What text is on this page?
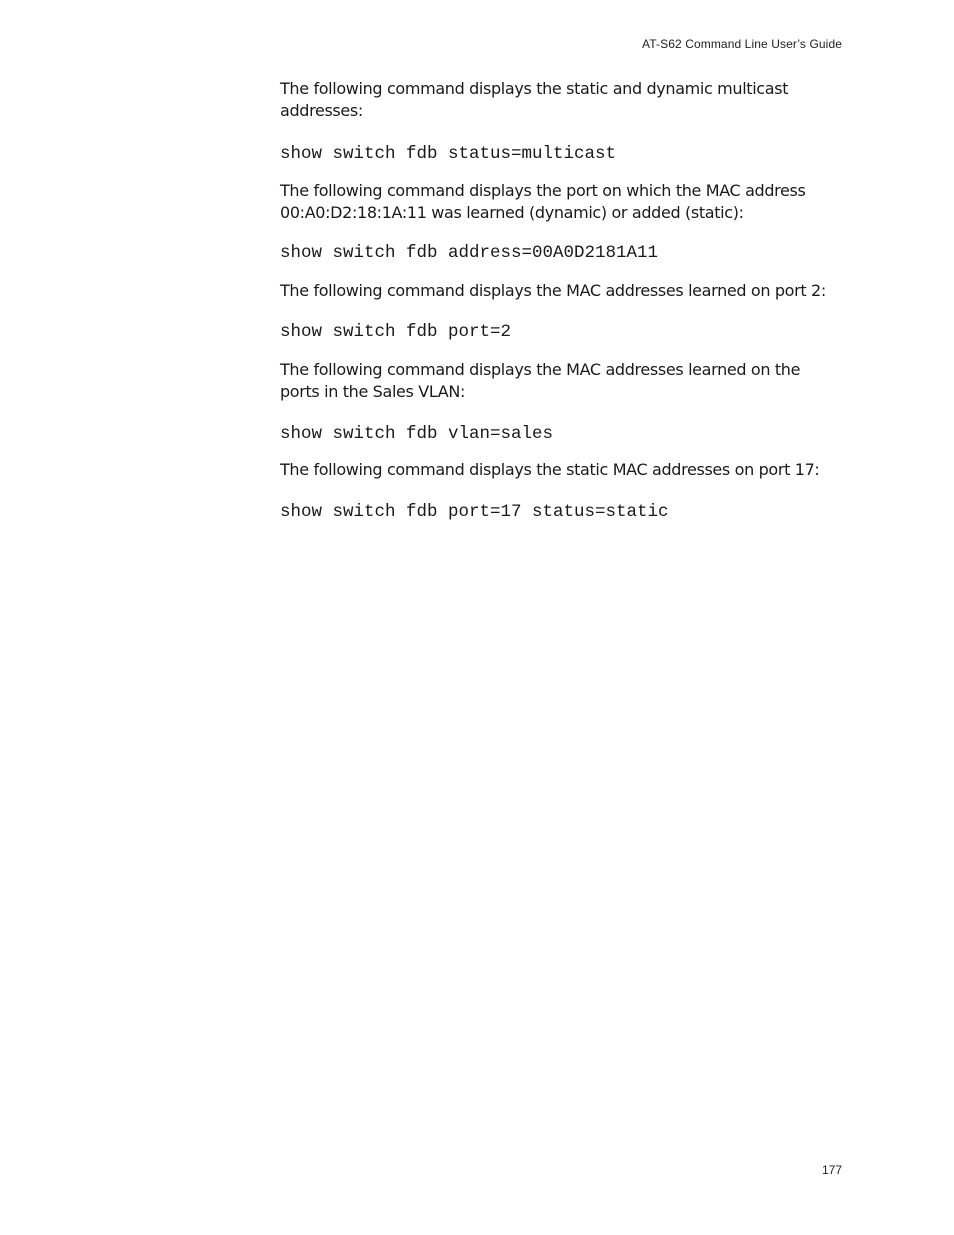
AT-S62 Command Line User’s Guide

The following command displays the static and dynamic multicast addresses:

show switch fdb status=multicast

The following command displays the port on which the MAC address 00:A0:D2:18:1A:11 was learned (dynamic) or added (static):

show switch fdb address=00A0D2181A11

The following command displays the MAC addresses learned on port 2:

show switch fdb port=2

The following command displays the MAC addresses learned on the ports in the Sales VLAN:

show switch fdb vlan=sales

The following command displays the static MAC addresses on port 17:

show switch fdb port=17 status=static

177
